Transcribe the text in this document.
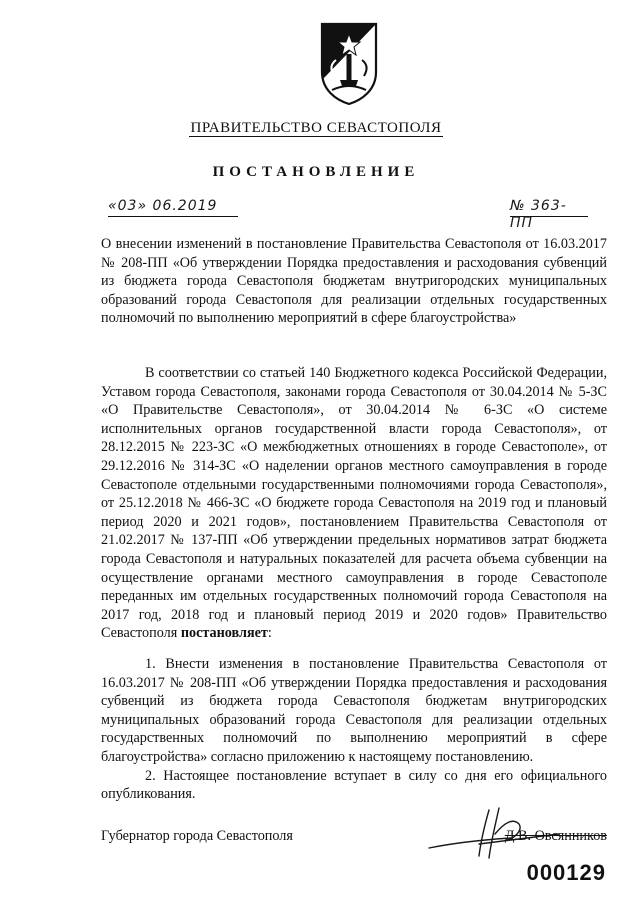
ПРАВИТЕЛЬСТВО СЕВАСТОПОЛЯ
ПОСТАНОВЛЕНИЕ
«03» 06.2019	№ 363-ПП
О внесении изменений в постановление Правительства Севастополя от 16.03.2017 № 208-ПП «Об утверждении Порядка предоставления и расходования субвенций из бюджета города Севастополя бюджетам внутригородских муниципальных образований города Севастополя для реализации отдельных государственных полномочий по выполнению мероприятий в сфере благоустройства»

В соответствии со статьей 140 Бюджетного кодекса Российской Федерации, Уставом города Севастополя, законами города Севастополя от 30.04.2014 № 5-ЗС «О Правительстве Севастополя», от 30.04.2014 № 6-ЗС «О системе исполнительных органов государственной власти города Севастополя», от 28.12.2015 № 223-ЗС «О межбюджетных отношениях в городе Севастополе», от 29.12.2016 № 314-ЗС «О наделении органов местного самоуправления в городе Севастополе отдельными государственными полномочиями города Севастополя», от 25.12.2018 № 466-ЗС «О бюджете города Севастополя на 2019 год и плановый период 2020 и 2021 годов», постановлением Правительства Севастополя от 21.02.2017 № 137-ПП «Об утверждении предельных нормативов затрат бюджета города Севастополя и натуральных показателей для расчета объема субвенции на осуществление органами местного самоуправления в городе Севастополе переданных им отдельных государственных полномочий города Севастополя на 2017 год, 2018 год и плановый период 2019 и 2020 годов» Правительство Севастополя постановляет:

1. Внести изменения в постановление Правительства Севастополя от 16.03.2017 № 208-ПП «Об утверждении Порядка предоставления и расходования субвенций из бюджета города Севастополя бюджетам внутригородских муниципальных образований города Севастополя для реализации отдельных государственных полномочий по выполнению мероприятий в сфере благоустройства» согласно приложению к настоящему постановлению.

2. Настоящее постановление вступает в силу со дня его официального опубликования.

Губернатор города Севастополя	Д.В. Овсянников
000129
